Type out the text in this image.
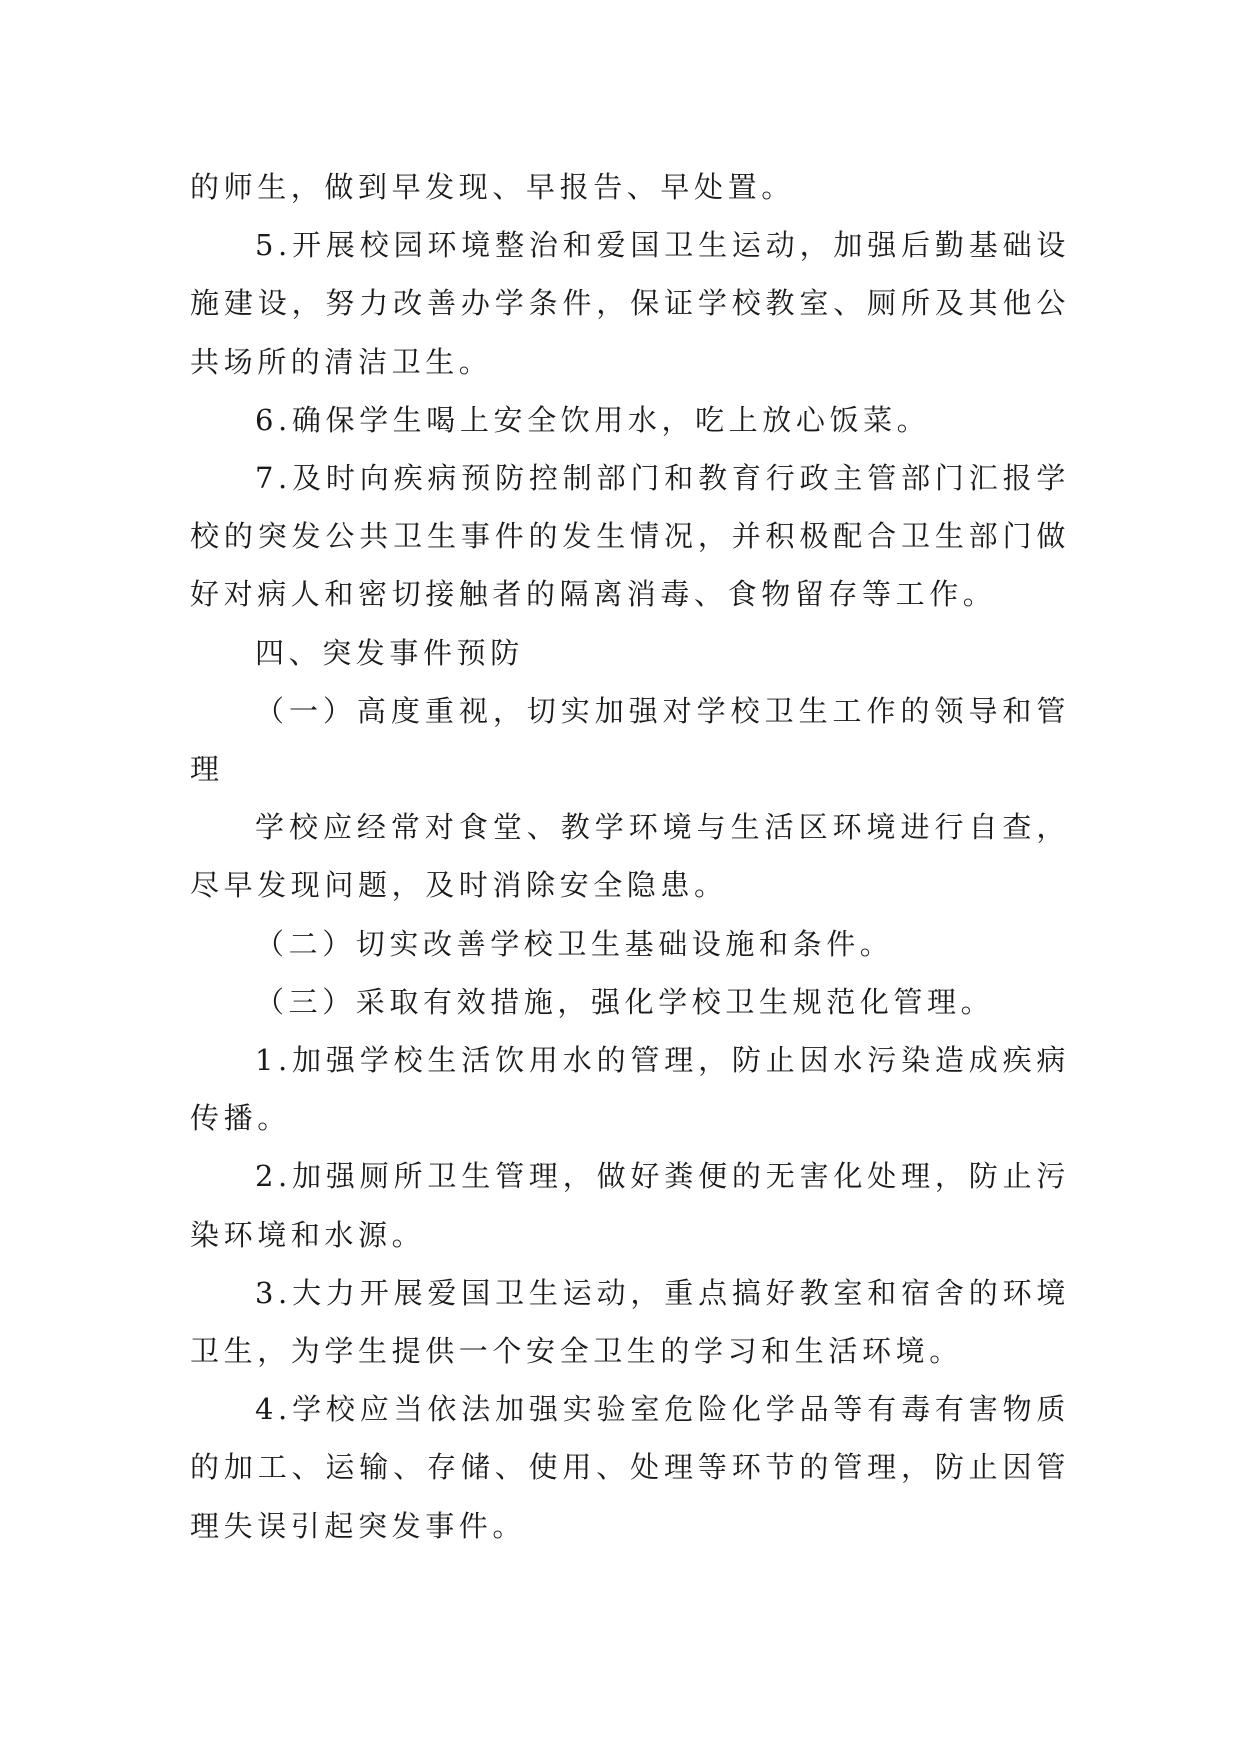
的师生，做到早发现、早报告、早处置。

5.开展校园环境整治和爱国卫生运动，加强后勤基础设施建设，努力改善办学条件，保证学校教室、厕所及其他公共场所的清洁卫生。

6.确保学生喝上安全饮用水，吃上放心饭菜。

7.及时向疾病预防控制部门和教育行政主管部门汇报学校的突发公共卫生事件的发生情况，并积极配合卫生部门做好对病人和密切接触者的隔离消毒、食物留存等工作。

四、突发事件预防

（一）高度重视，切实加强对学校卫生工作的领导和管理

学校应经常对食堂、教学环境与生活区环境进行自查，尽早发现问题，及时消除安全隐患。

（二）切实改善学校卫生基础设施和条件。

（三）采取有效措施，强化学校卫生规范化管理。

1.加强学校生活饮用水的管理，防止因水污染造成疾病传播。

2.加强厕所卫生管理，做好粪便的无害化处理，防止污染环境和水源。

3.大力开展爱国卫生运动，重点搞好教室和宿舍的环境卫生，为学生提供一个安全卫生的学习和生活环境。

4.学校应当依法加强实验室危险化学品等有毒有害物质的加工、运输、存储、使用、处理等环节的管理，防止因管理失误引起突发事件。
